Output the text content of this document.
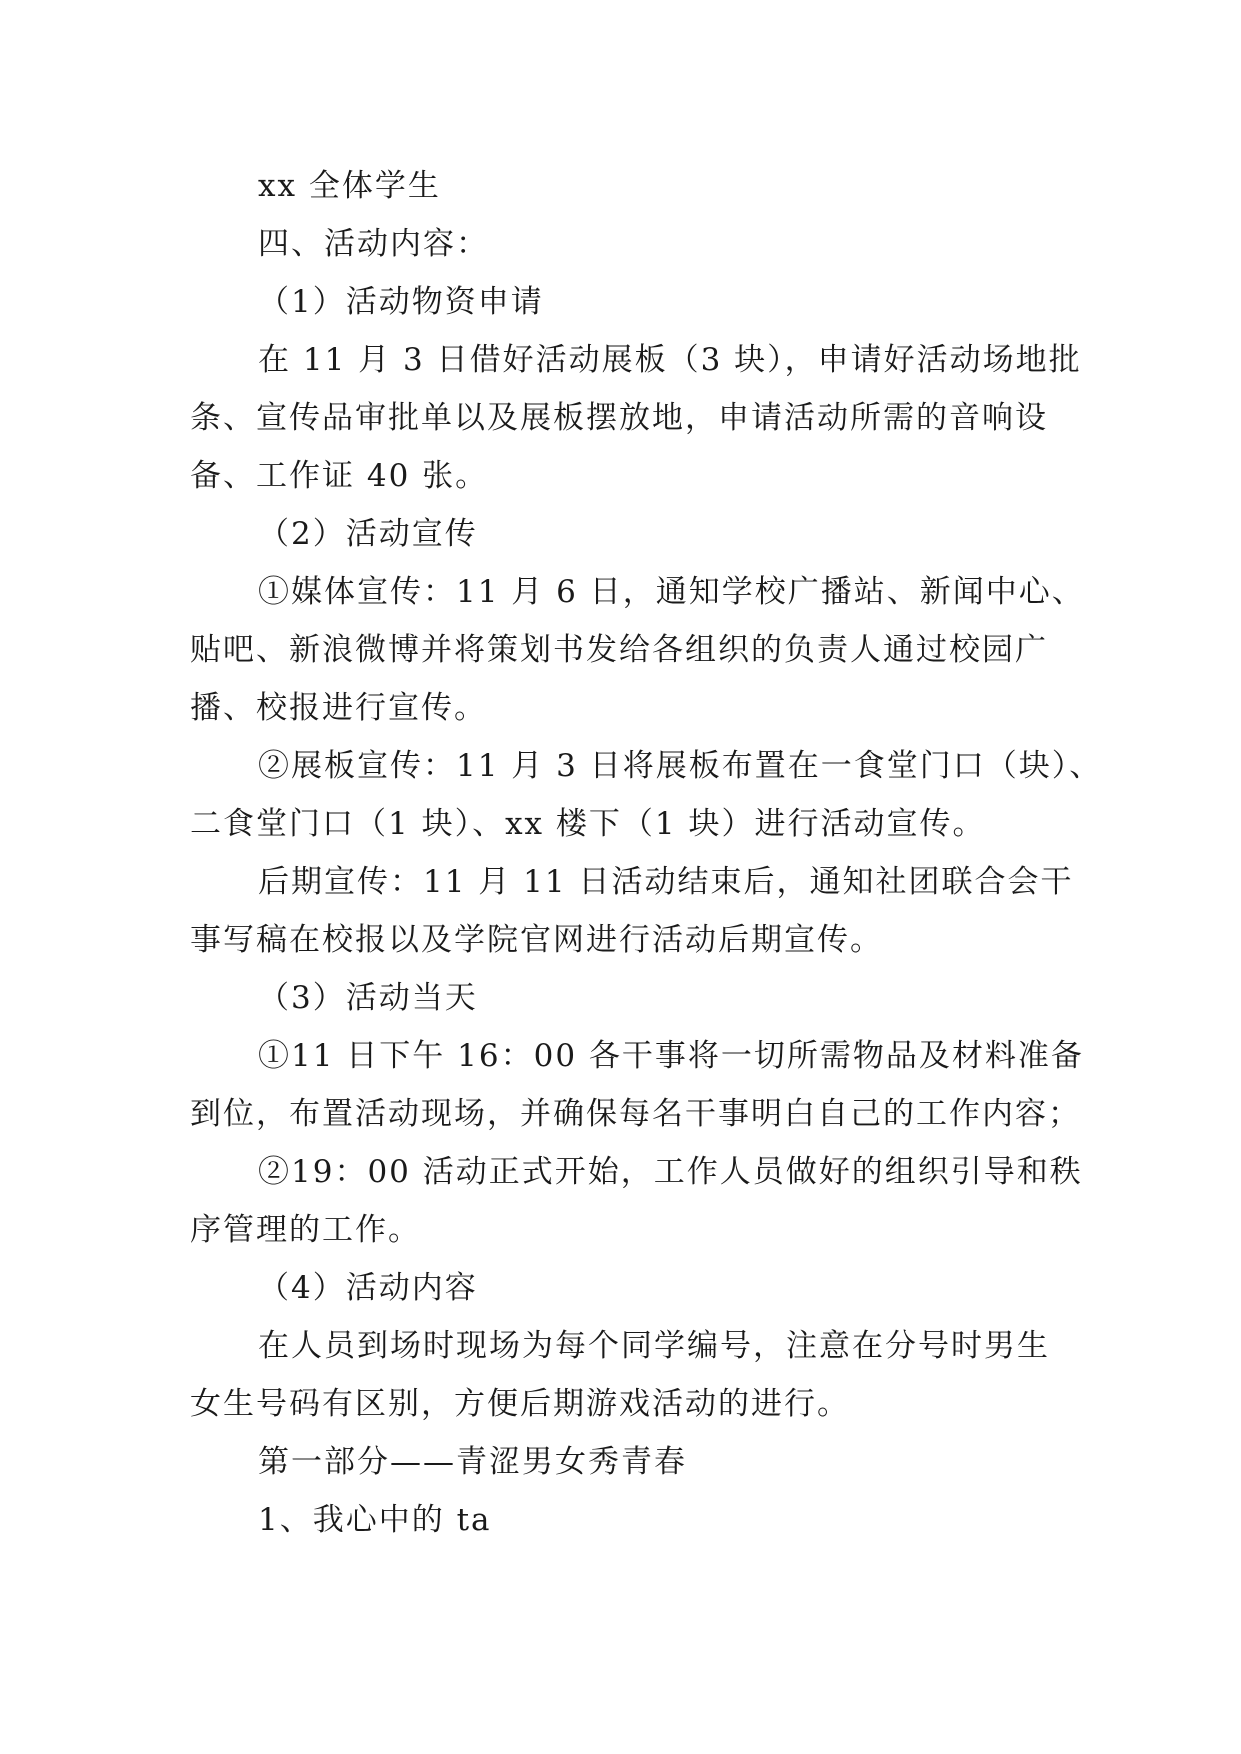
xx 全体学生
四、活动内容：
（1）活动物资申请
在 11 月 3 日借好活动展板（3 块），申请好活动场地批
条、宣传品审批单以及展板摆放地，申请活动所需的音响设
备、工作证 40 张。
（2）活动宣传
①媒体宣传：11 月 6 日，通知学校广播站、新闻中心、
贴吧、新浪微博并将策划书发给各组织的负责人通过校园广
播、校报进行宣传。
②展板宣传：11 月 3 日将展板布置在一食堂门口（块）、
二食堂门口（1 块）、xx 楼下（1 块）进行活动宣传。
后期宣传：11 月 11 日活动结束后，通知社团联合会干
事写稿在校报以及学院官网进行活动后期宣传。
（3）活动当天
①11 日下午 16：00 各干事将一切所需物品及材料准备
到位，布置活动现场，并确保每名干事明白自己的工作内容；
②19：00 活动正式开始，工作人员做好的组织引导和秩
序管理的工作。
（4）活动内容
在人员到场时现场为每个同学编号，注意在分号时男生
女生号码有区别，方便后期游戏活动的进行。
第一部分——青涩男女秀青春
1、我心中的 ta
